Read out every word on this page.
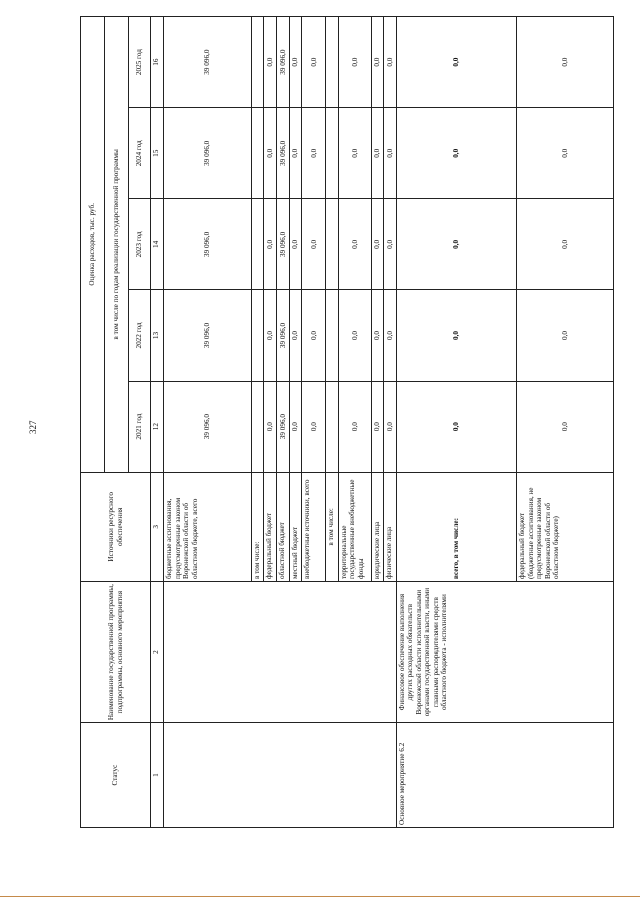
327
Статус	Наименование государственной программы, подпрограммы, основного мероприятия	Источники ресурсного обеспечения	Оценка расходов, тыс. руб.				
			в том числе по годам реализации государственной программы				
			2021 год	2022 год	2023 год	2024 год	2025 год
1	2	3	12	13	14	15	16
		бюджетные ассигнования, предусмотренные законом Воронежской области об областном бюджете, всего	39 096,0	39 096,0	39 096,0	39 096,0	39 096,0
		в том числе:					
		федеральный бюджет	0,0	0,0	0,0	0,0	0,0
		областной бюджет	39 096,0	39 096,0	39 096,0	39 096,0	39 096,0
		местный бюджет	0,0	0,0	0,0	0,0	0,0
		внебюджетные источники, всего	0,0	0,0	0,0	0,0	0,0
		в том числе:					
		территориальные государственные внебюджетные фонды	0,0	0,0	0,0	0,0	0,0
		юридические лица	0,0	0,0	0,0	0,0	0,0
		физические лица	0,0	0,0	0,0	0,0	0,0
Основное мероприятие 6.2	Финансовое обеспечение выполнения других расходных обязательств Воронежской области исполнительными органами государственной власти, иными главными распорядителями средств областного бюджета - исполнителями	всего, в том числе:	0,0	0,0	0,0	0,0	0,0
		федеральный бюджет (бюджетные ассигнования, не предусмотренные законом Воронежской области об областном бюджете)	0,0	0,0	0,0	0,0	0,0
